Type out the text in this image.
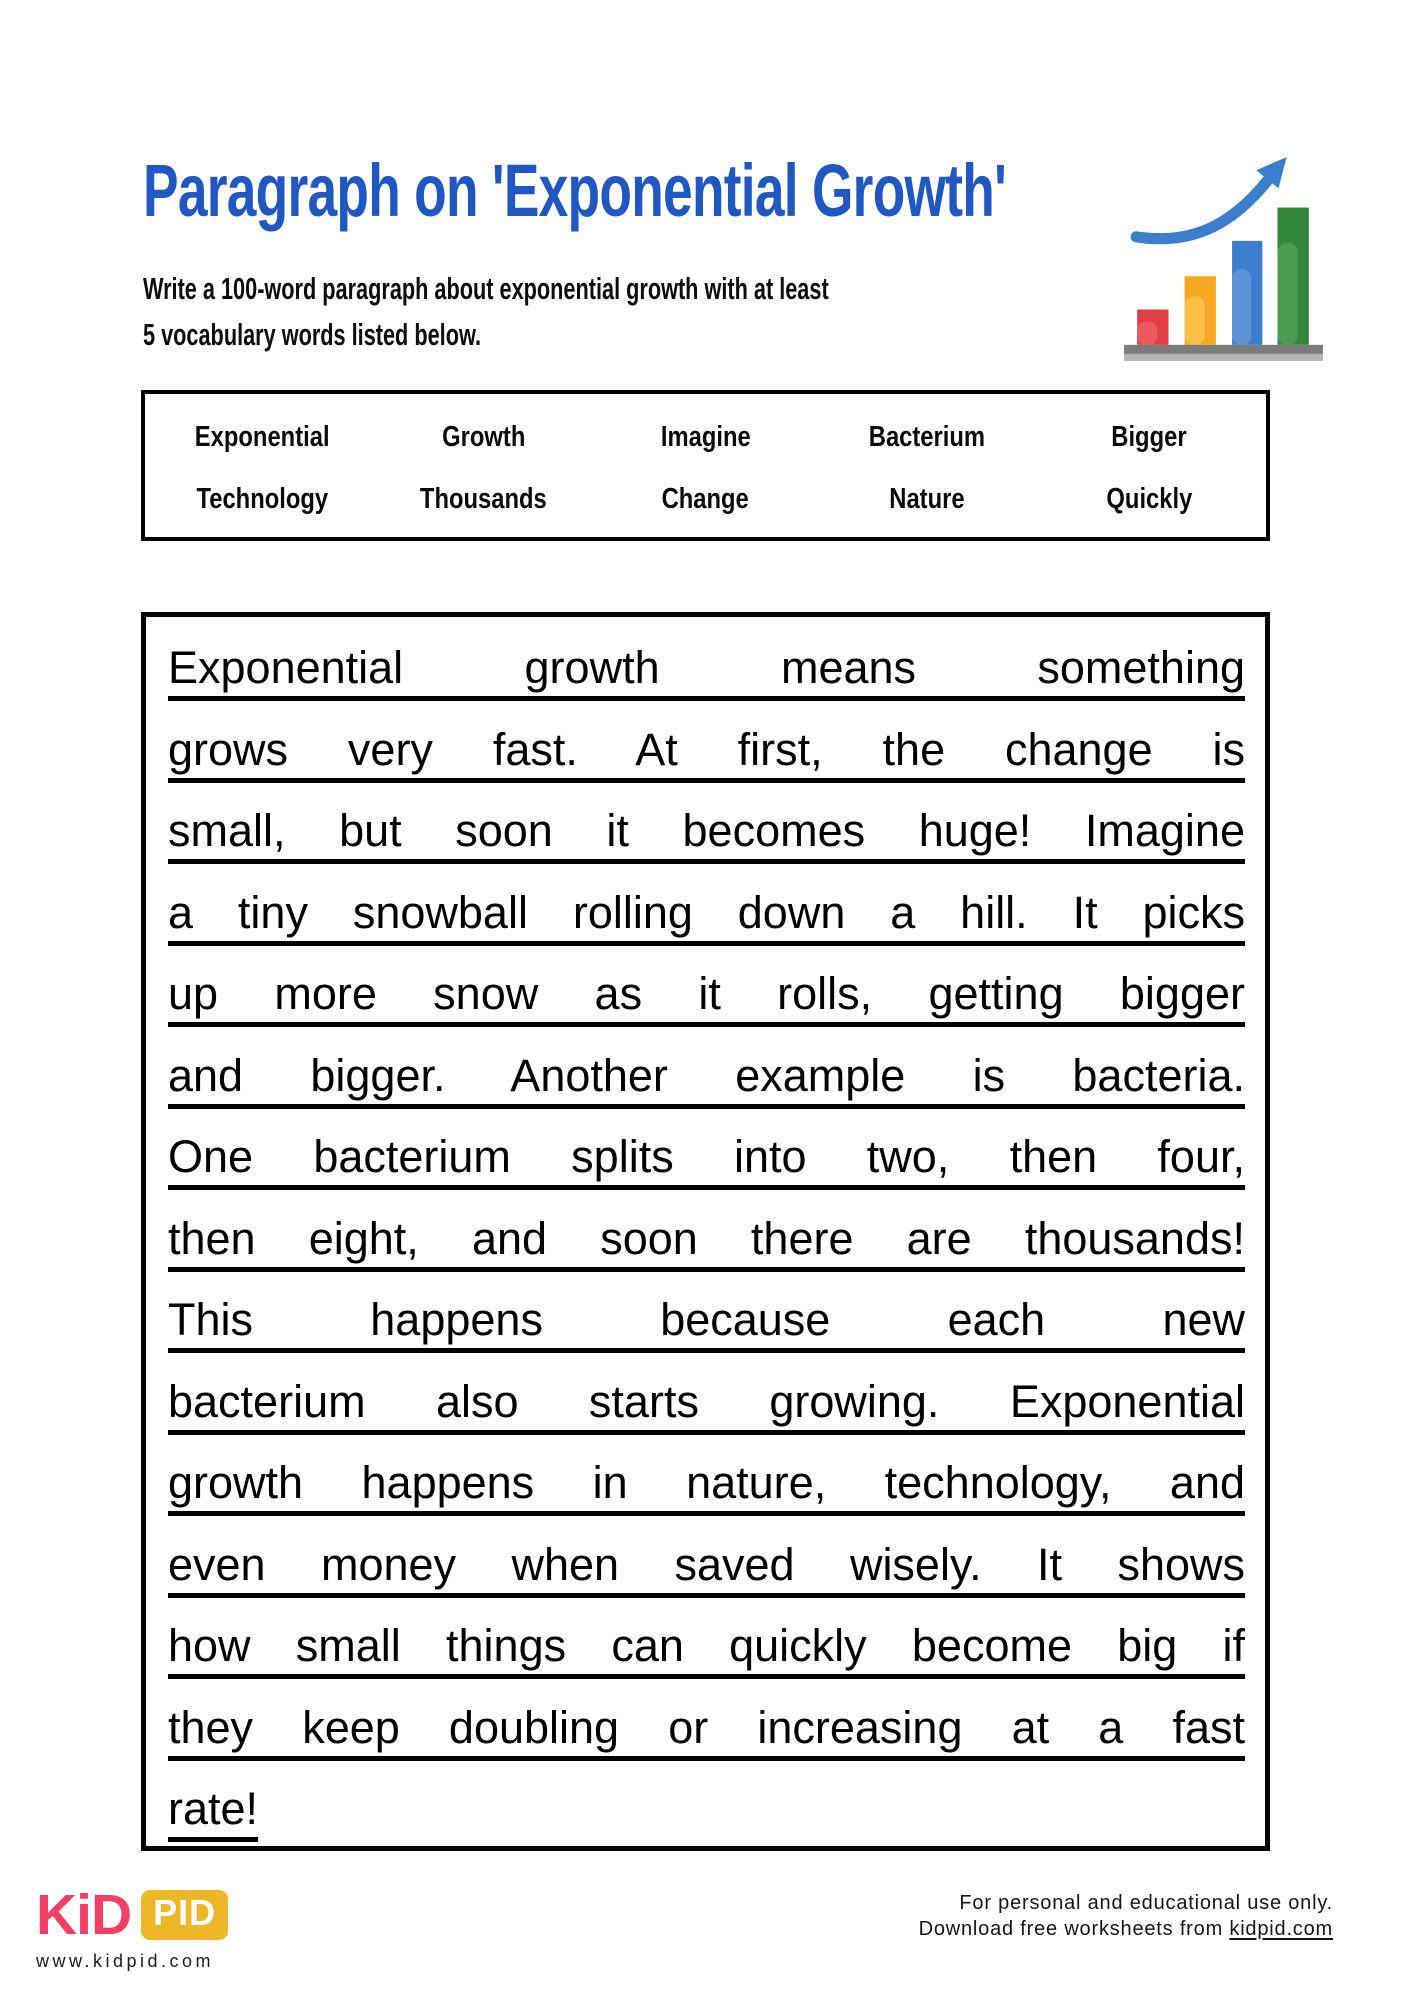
Paragraph on 'Exponential Growth'
Write a 100-word paragraph about exponential growth with at least
5 vocabulary words listed below.
Exponential	Growth	Imagine	Bacterium	Bigger
Technology	Thousands	Change	Nature	Quickly
Exponential growth means something
grows very fast. At first, the change is
small, but soon it becomes huge! Imagine
a tiny snowball rolling down a hill. It picks
up more snow as it rolls, getting bigger
and bigger. Another example is bacteria.
One bacterium splits into two, then four,
then eight, and soon there are thousands!
This happens because each new
bacterium also starts growing. Exponential
growth happens in nature, technology, and
even money when saved wisely. It shows
how small things can quickly become big if
they keep doubling or increasing at a fast
rate!
KiD PID
www.kidpid.com
For personal and educational use only.
Download free worksheets from kidpid.com
